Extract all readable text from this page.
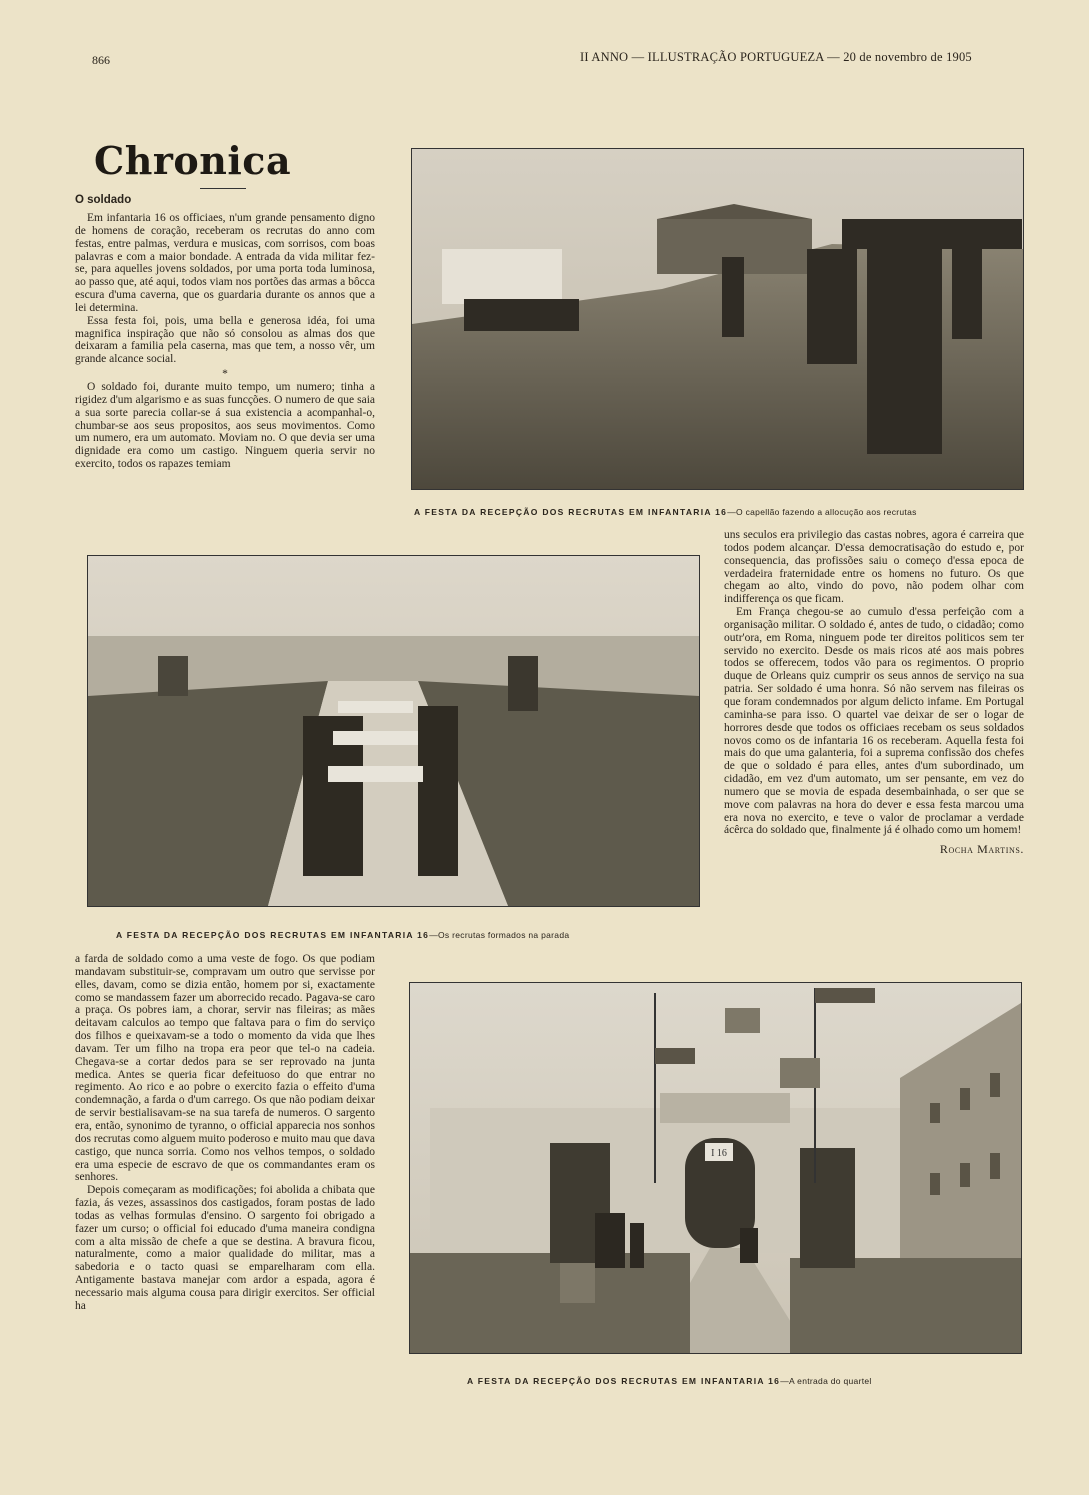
866	II ANNO — ILLUSTRAÇÃO PORTUGUEZA — 20 de novembro de 1905
Chronica
O soldado

Em infantaria 16 os officiaes, n'um grande pensamento digno de homens de coração, receberam os recrutas do anno com festas, entre palmas, verdura e musicas, com sorrisos, com boas palavras e com a maior bondade. A entrada da vida militar fez-se, para aquelles jovens soldados, por uma porta toda luminosa, ao passo que, até aqui, todos viam nos portões das armas a bôcca escura d'uma caverna, que os guardaria durante os annos que a lei determina.

Essa festa foi, pois, uma bella e generosa idéa, foi uma magnifica inspiração que não só consolou as almas dos que deixaram a familia pela caserna, mas que tem, a nosso vêr, um grande alcance social.

*

O soldado foi, durante muito tempo, um numero; tinha a rigidez d'um algarismo e as suas funcções. O numero de que saia a sua sorte parecia collar-se á sua existencia a acompanhal-o, chumbar-se aos seus propositos, aos seus movimentos. Como um numero, era um automato. Moviam no. O que devia ser uma dignidade era como um castigo. Ninguem queria servir no exercito, todos os rapazes temiam

A FESTA DA RECEPÇÃO DOS RECRUTAS EM INFANTARIA 16—O capellão fazendo a allocução aos recrutas
A FESTA DA RECEPÇÃO DOS RECRUTAS EM INFANTARIA 16—Os recrutas formados na parada

uns seculos era privilegio das castas nobres, agora é carreira que todos podem alcançar. D'essa democratisação do estudo e, por consequencia, das profissões saiu o começo d'essa epoca de verdadeira fraternidade entre os homens no futuro. Os que chegam ao alto, vindo do povo, não podem olhar com indifferença os que ficam.

Em França chegou-se ao cumulo d'essa perfeição com a organisação militar. O soldado é, antes de tudo, o cidadão; como outr'ora, em Roma, ninguem pode ter direitos politicos sem ter servido no exercito. Desde os mais ricos até aos mais pobres todos se offerecem, todos vão para os regimentos. O proprio duque de Orleans quiz cumprir os seus annos de serviço na sua patria. Ser soldado é uma honra. Só não servem nas fileiras os que foram condemnados por algum delicto infame. Em Portugal caminha-se para isso. O quartel vae deixar de ser o logar de horrores desde que todos os officiaes recebam os seus soldados novos como os de infantaria 16 os receberam. Aquella festa foi mais do que uma galanteria, foi a suprema confissão dos chefes de que o soldado é para elles, antes d'um subordinado, um cidadão, em vez d'um automato, um ser pensante, em vez do numero que se movia de espada desembainhada, o ser que se move com palavras na hora do dever e essa festa marcou uma era nova no exercito, e teve o valor de proclamar a verdade ácêrca do soldado que, finalmente já é olhado como um homem!

Rocha Martins.

a farda de soldado como a uma veste de fogo. Os que podiam mandavam substituir-se, compravam um outro que servisse por elles, davam, como se dizia então, homem por si, exactamente como se mandassem fazer um aborrecido recado. Pagava-se caro a praça. Os pobres iam, a chorar, servir nas fileiras; as mães deitavam calculos ao tempo que faltava para o fim do serviço dos filhos e queixavam-se a todo o momento da vida que lhes davam. Ter um filho na tropa era peor que tel-o na cadeia. Chegava-se a cortar dedos para se ser reprovado na junta medica. Antes se queria ficar defeituoso do que entrar no regimento. Ao rico e ao pobre o exercito fazia o effeito d'uma condemnação, a farda o d'um carrego. Os que não podiam deixar de servir bestialisavam-se na sua tarefa de numeros. O sargento era, então, synonimo de tyranno, o official apparecia nos sonhos dos recrutas como alguem muito poderoso e muito mau que dava castigo, que nunca sorria. Como nos velhos tempos, o soldado era uma especie de escravo de que os commandantes eram os senhores.

Depois começaram as modificações; foi abolida a chibata que fazia, ás vezes, assassinos dos castigados, foram postas de lado todas as velhas formulas d'ensino. O sargento foi obrigado a fazer um curso; o official foi educado d'uma maneira condigna com a alta missão de chefe a que se destina. A bravura ficou, naturalmente, como a maior qualidade do militar, mas a sabedoria e o tacto quasi se emparelharam com ella. Antigamente bastava manejar com ardor a espada, agora é necessario mais alguma cousa para dirigir exercitos. Ser official ha

I 16
A FESTA DA RECEPÇÃO DOS RECRUTAS EM INFANTARIA 16—A entrada do quartel
